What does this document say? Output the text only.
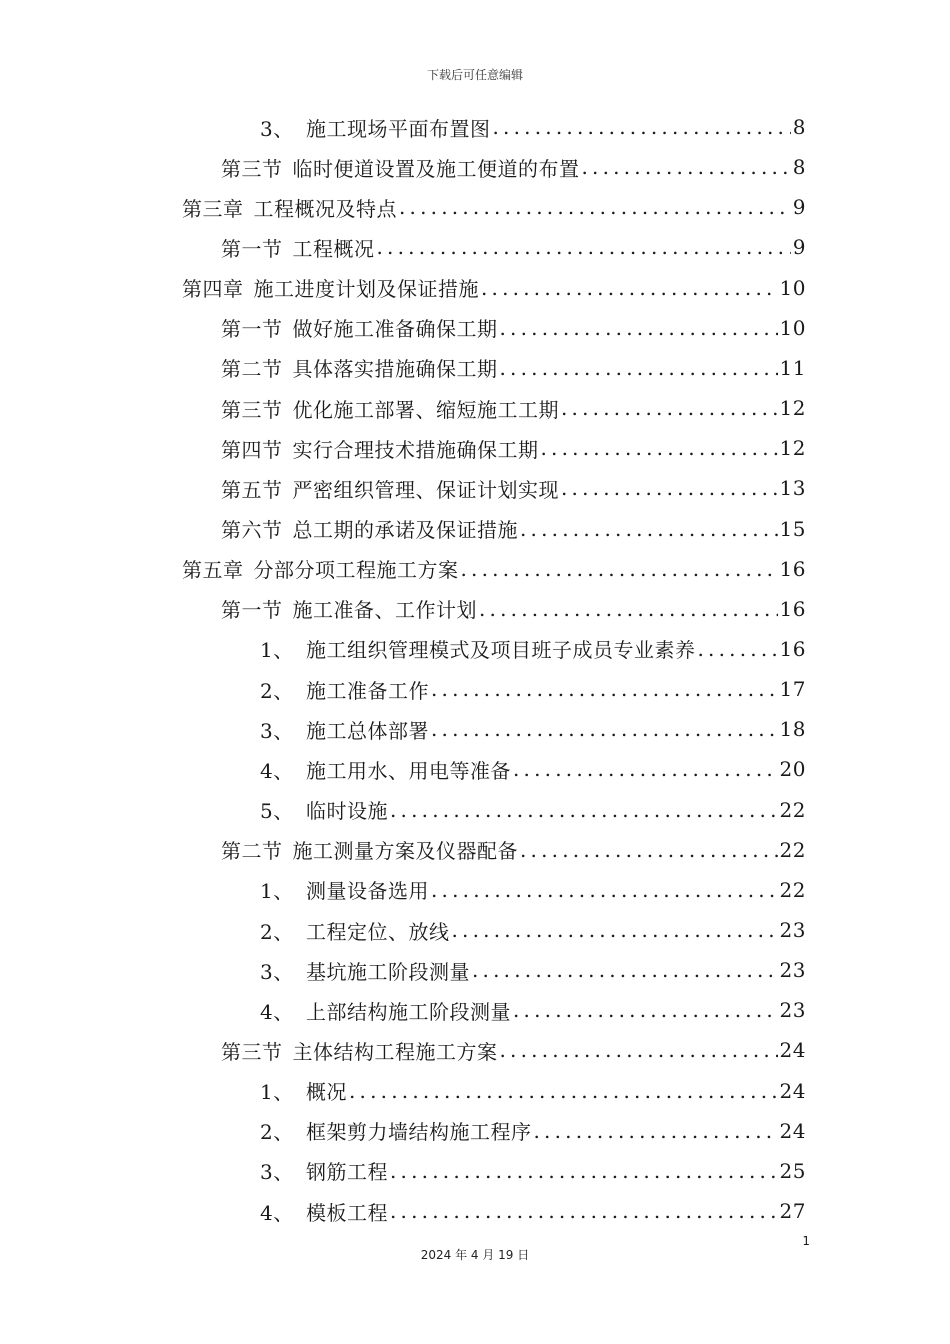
下载后可任意编辑
3、 施工现场平面布置图 .....	8
第三节 临时便道设置及施工便道的布置 .....	8
第三章 工程概况及特点 .....	9
第一节 工程概况 .....	9
第四章 施工进度计划及保证措施 .....	10
第一节 做好施工准备确保工期 .....	10
第二节 具体落实措施确保工期 .....	11
第三节 优化施工部署、缩短施工工期 .....	12
第四节 实行合理技术措施确保工期 .....	12
第五节 严密组织管理、保证计划实现 .....	13
第六节 总工期的承诺及保证措施 .....	15
第五章 分部分项工程施工方案 .....	16
第一节 施工准备、工作计划 .....	16
1、 施工组织管理模式及项目班子成员专业素养 .....	16
2、 施工准备工作 .....	17
3、 施工总体部署 .....	18
4、 施工用水、用电等准备 .....	20
5、 临时设施 .....	22
第二节 施工测量方案及仪器配备 .....	22
1、 测量设备选用 .....	22
2、 工程定位、放线 .....	23
3、 基坑施工阶段测量 .....	23
4、 上部结构施工阶段测量 .....	23
第三节 主体结构工程施工方案 .....	24
1、 概况 .....	24
2、 框架剪力墙结构施工程序 .....	24
3、 钢筋工程 .....	25
4、 模板工程 .....	27
1
2024 年 4 月 19 日
